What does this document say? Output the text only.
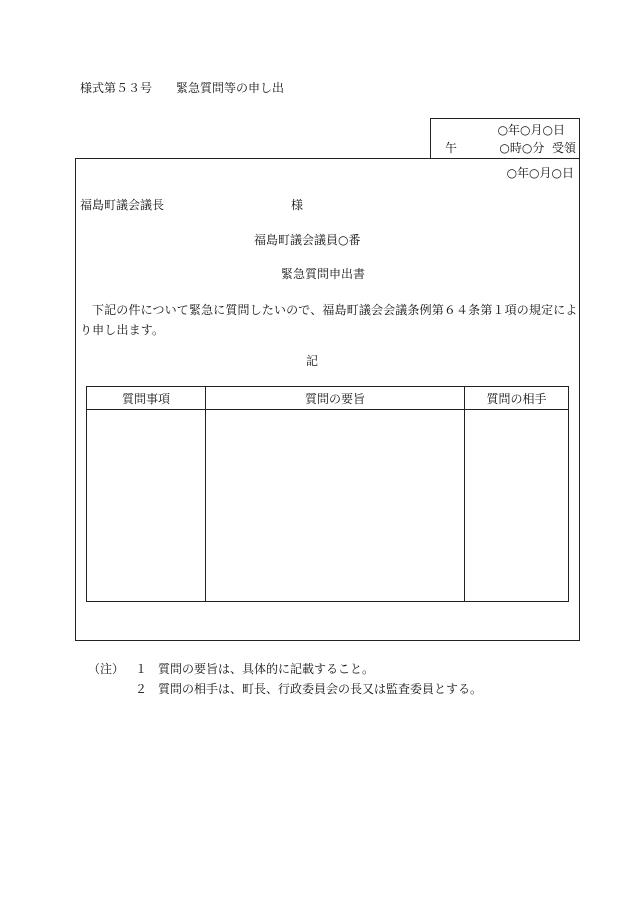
様式第５３号 緊急質問等の申し出
○年○月○日
午	○時○分 受領
○年○月○日
福島町議会議長	様
福島町議会議員○番
緊急質問申出書
下記の件について緊急に質問したいので、福島町議会会議条例第６４条第１項の規定により申し出ます。
記
質問事項	質問の要旨	質問の相手

（注） １ 質問の要旨は、具体的に記載すること。
２ 質問の相手は、町長、行政委員会の長又は監査委員とする。
